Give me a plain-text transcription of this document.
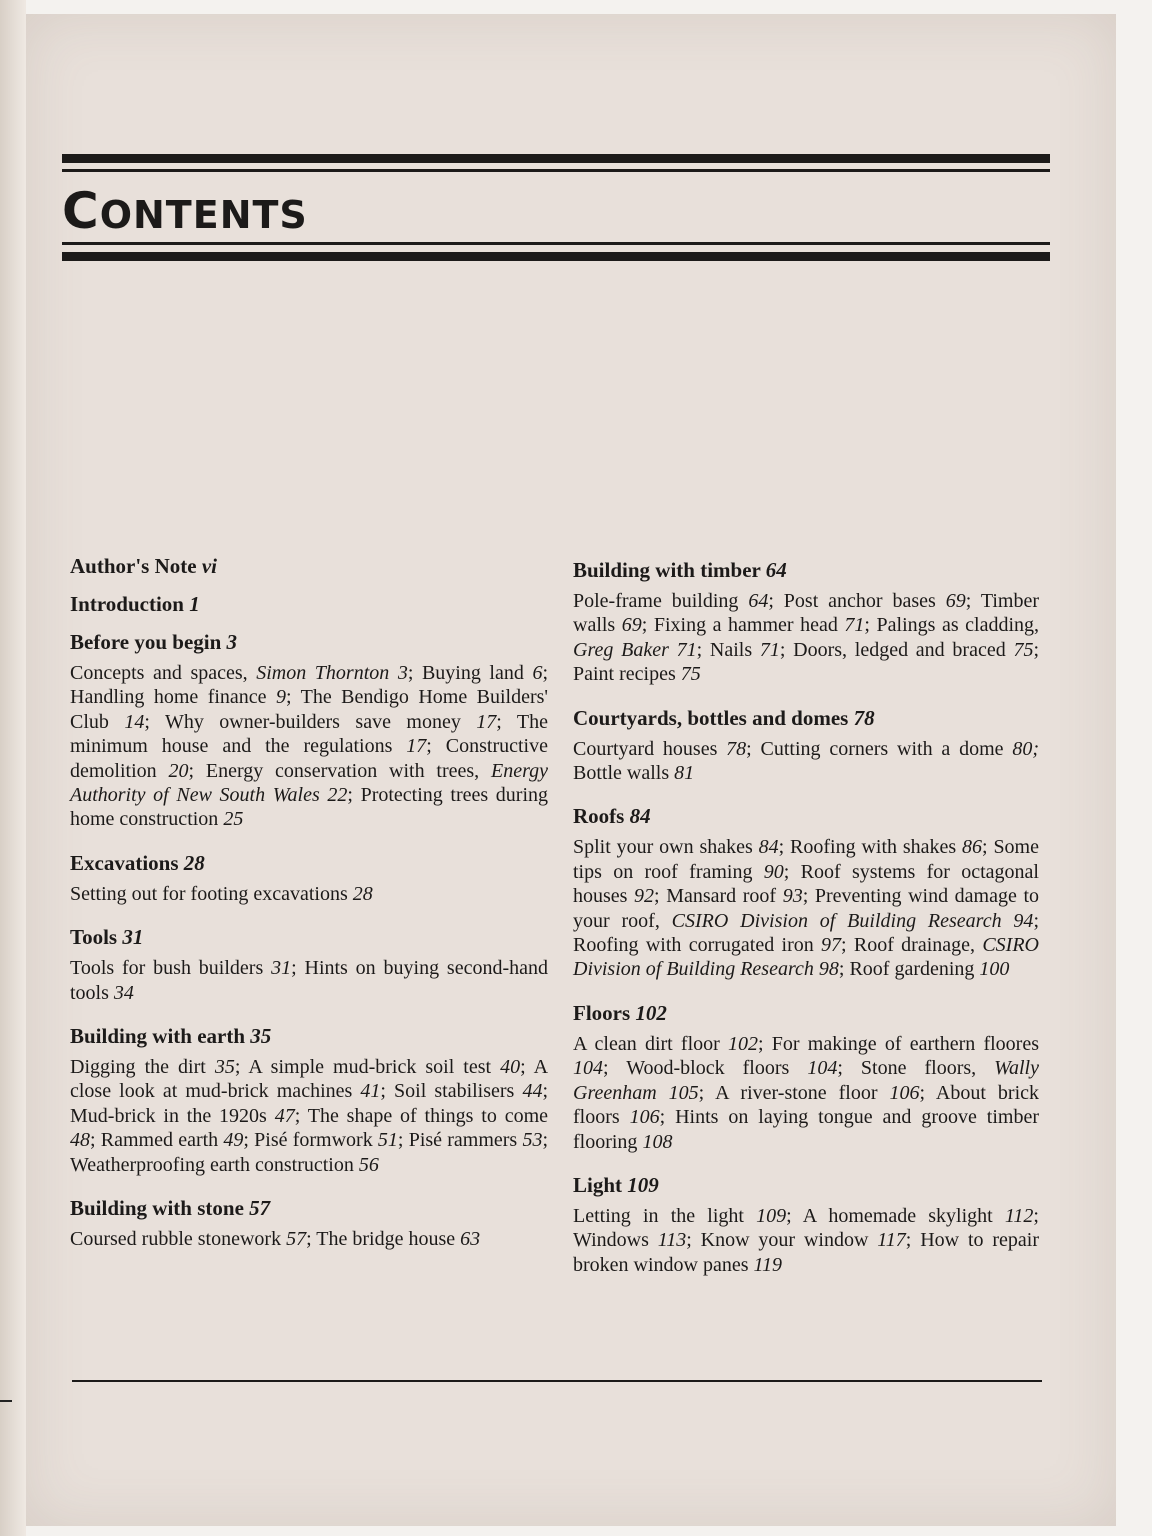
CONTENTS

Author's Note vi

Introduction 1

Before you begin 3

Concepts and spaces, Simon Thornton 3; Buying land 6; Handling home finance 9; The Bendigo Home Builders' Club 14; Why owner-builders save money 17; The minimum house and the regulations 17; Constructive demolition 20; Energy conservation with trees, Energy Authority of New South Wales 22; Protecting trees during home construction 25

Excavations 28

Setting out for footing excavations 28

Tools 31

Tools for bush builders 31; Hints on buying second-hand tools 34

Building with earth 35

Digging the dirt 35; A simple mud-brick soil test 40; A close look at mud-brick machines 41; Soil stabilisers 44; Mud-brick in the 1920s 47; The shape of things to come 48; Rammed earth 49; Pisé formwork 51; Pisé rammers 53; Weatherproofing earth construction 56

Building with stone 57

Coursed rubble stonework 57; The bridge house 63

Building with timber 64

Pole-frame building 64; Post anchor bases 69; Timber walls 69; Fixing a hammer head 71; Palings as cladding, Greg Baker 71; Nails 71; Doors, ledged and braced 75; Paint recipes 75

Courtyards, bottles and domes 78

Courtyard houses 78; Cutting corners with a dome 80; Bottle walls 81

Roofs 84

Split your own shakes 84; Roofing with shakes 86; Some tips on roof framing 90; Roof systems for octagonal houses 92; Mansard roof 93; Preventing wind damage to your roof, CSIRO Division of Building Research 94; Roofing with corrugated iron 97; Roof drainage, CSIRO Division of Building Research 98; Roof gardening 100

Floors 102

A clean dirt floor 102; For makinge of earthern floores 104; Wood-block floors 104; Stone floors, Wally Greenham 105; A river-stone floor 106; About brick floors 106; Hints on laying tongue and groove timber flooring 108

Light 109

Letting in the light 109; A homemade skylight 112; Windows 113; Know your window 117; How to repair broken window panes 119
